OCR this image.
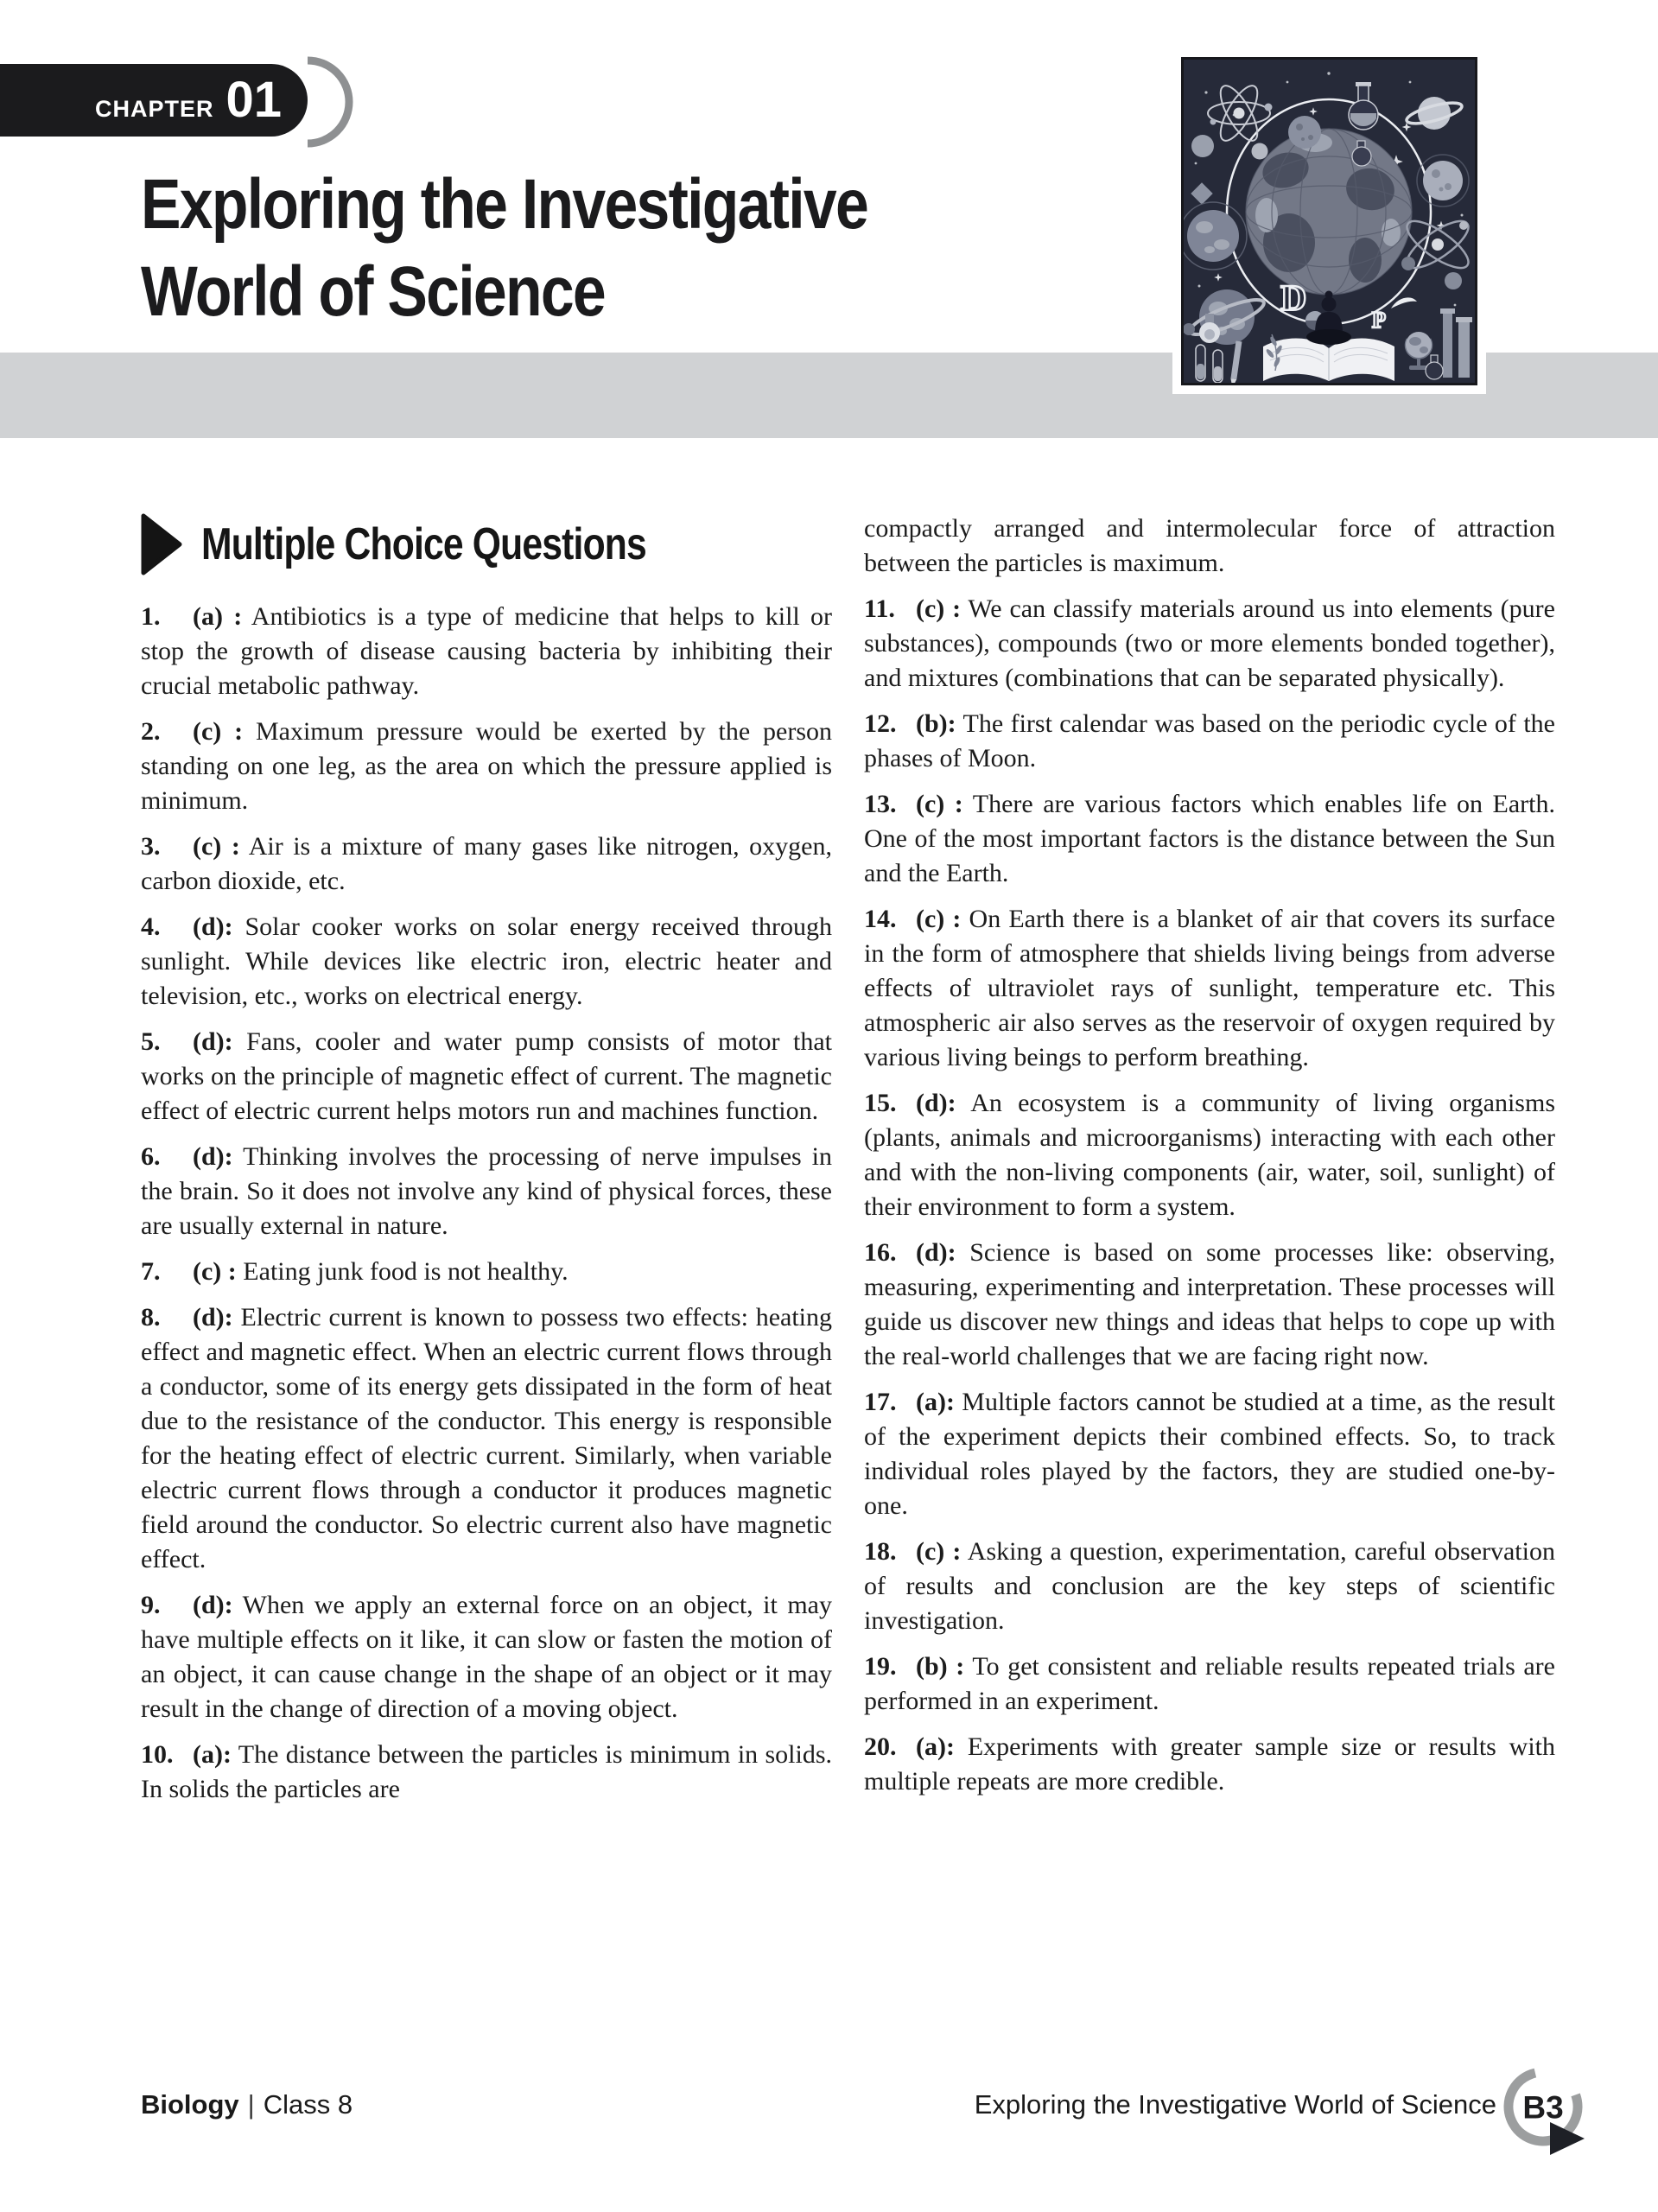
CHAPTER 01
Exploring the Investigative
World of Science	D
P
Multiple Choice Questions

1. (a) : Antibiotics is a type of medicine that helps to kill or stop the growth of disease causing bacteria by inhibiting their crucial metabolic pathway.

2. (c) : Maximum pressure would be exerted by the person standing on one leg, as the area on which the pressure applied is minimum.

3. (c) : Air is a mixture of many gases like nitrogen, oxygen, carbon dioxide, etc.

4. (d): Solar cooker works on solar energy received through sunlight. While devices like electric iron, electric heater and television, etc., works on electrical energy.

5. (d): Fans, cooler and water pump consists of motor that works on the principle of magnetic effect of current. The magnetic effect of electric current helps motors run and machines function.

6. (d): Thinking involves the processing of nerve impulses in the brain. So it does not involve any kind of physical forces, these are usually external in nature.

7. (c) : Eating junk food is not healthy.

8. (d): Electric current is known to possess two effects: heating effect and magnetic effect. When an electric current flows through a conductor, some of its energy gets dissipated in the form of heat due to the resistance of the conductor. This energy is responsible for the heating effect of electric current. Similarly, when variable electric current flows through a conductor it produces magnetic field around the conductor. So electric current also have magnetic effect.

9. (d): When we apply an external force on an object, it may have multiple effects on it like, it can slow or fasten the motion of an object, it can cause change in the shape of an object or it may result in the change of direction of a moving object.

10. (a): The distance between the particles is minimum in solids. In solids the particles are

compactly arranged and intermolecular force of attraction between the particles is maximum.

11. (c) : We can classify materials around us into elements (pure substances), compounds (two or more elements bonded together), and mixtures (combinations that can be separated physically).

12. (b): The first calendar was based on the periodic cycle of the phases of Moon.

13. (c) : There are various factors which enables life on Earth. One of the most important factors is the distance between the Sun and the Earth.

14. (c) : On Earth there is a blanket of air that covers its surface in the form of atmosphere that shields living beings from adverse effects of ultraviolet rays of sunlight, temperature etc. This atmospheric air also serves as the reservoir of oxygen required by various living beings to perform breathing.

15. (d): An ecosystem is a community of living organisms (plants, animals and microorganisms) interacting with each other and with the non-living components (air, water, soil, sunlight) of their environment to form a system.

16. (d): Science is based on some processes like: observing, measuring, experimenting and interpretation. These processes will guide us discover new things and ideas that helps to cope up with the real-world challenges that we are facing right now.

17. (a): Multiple factors cannot be studied at a time, as the result of the experiment depicts their combined effects. So, to track individual roles played by the factors, they are studied one-by-one.

18. (c) : Asking a question, experimentation, careful observation of results and conclusion are the key steps of scientific investigation.

19. (b) : To get consistent and reliable results repeated trials are performed in an experiment.

20. (a): Experiments with greater sample size or results with multiple repeats are more credible.

Biology | Class 8	Exploring the Investigative World of Science B3
